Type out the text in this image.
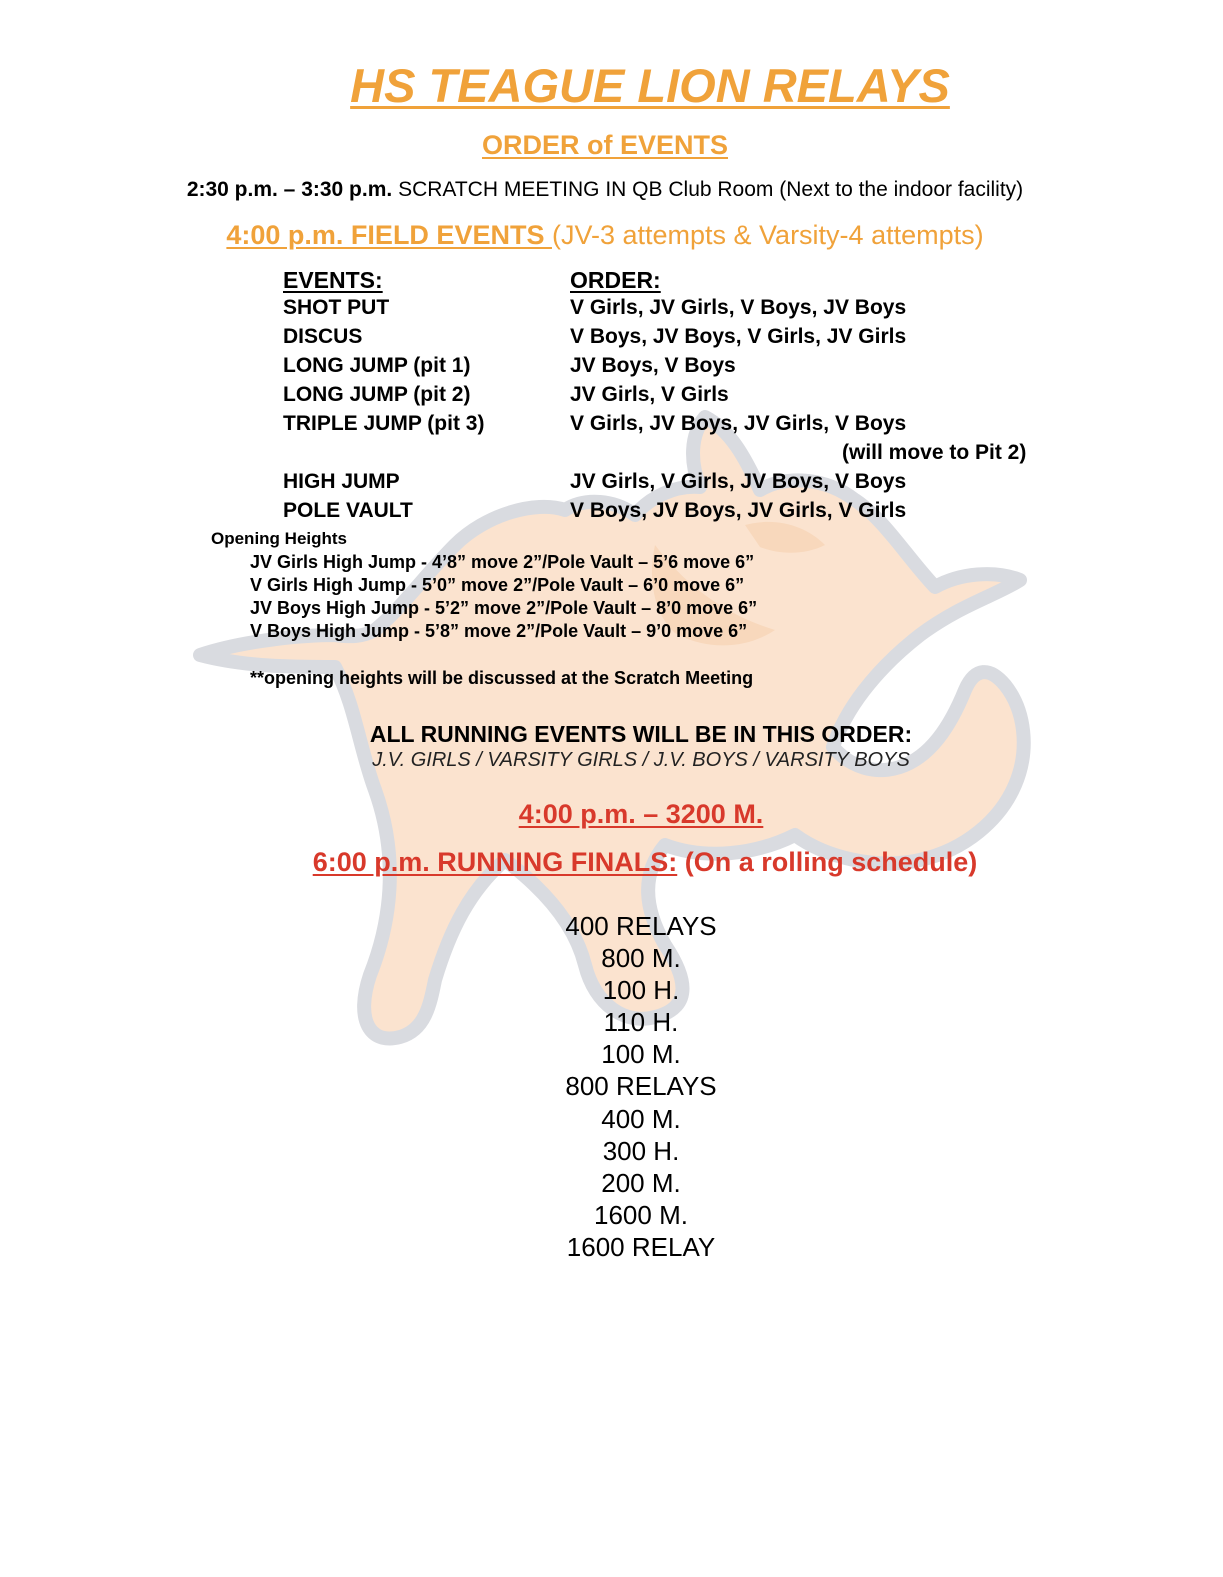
HS TEAGUE LION RELAYS
ORDER of EVENTS
2:30 p.m. – 3:30 p.m. SCRATCH MEETING IN QB Club Room (Next to the indoor facility)
4:00 p.m. FIELD EVENTS (JV-3 attempts & Varsity-4 attempts)
EVENTS:	ORDER:
SHOT PUT	V Girls, JV Girls, V Boys, JV Boys
DISCUS	V Boys, JV Boys, V Girls, JV Girls
LONG JUMP (pit 1)	JV Boys, V Boys
LONG JUMP (pit 2)	JV Girls, V Girls
TRIPLE JUMP (pit 3)	V Girls, JV Boys, JV Girls, V Boys
(will move to Pit 2)
HIGH JUMP	JV Girls, V Girls, JV Boys, V Boys
POLE VAULT	V Boys, JV Boys, JV Girls, V Girls
Opening Heights
JV Girls High Jump - 4’8” move 2”/Pole Vault – 5’6 move 6”
V Girls High Jump - 5’0” move 2”/Pole Vault – 6’0 move 6”
JV Boys High Jump - 5’2” move 2”/Pole Vault – 8’0 move 6”
V Boys High Jump - 5’8” move 2”/Pole Vault – 9’0 move 6”
**opening heights will be discussed at the Scratch Meeting
ALL RUNNING EVENTS WILL BE IN THIS ORDER:
J.V. GIRLS / VARSITY GIRLS / J.V. BOYS / VARSITY BOYS
4:00 p.m. – 3200 M.
6:00 p.m. RUNNING FINALS: (On a rolling schedule)
400 RELAYS
800 M.
100 H.
110 H.
100 M.
800 RELAYS
400 M.
300 H.
200 M.
1600 M.
1600 RELAY
